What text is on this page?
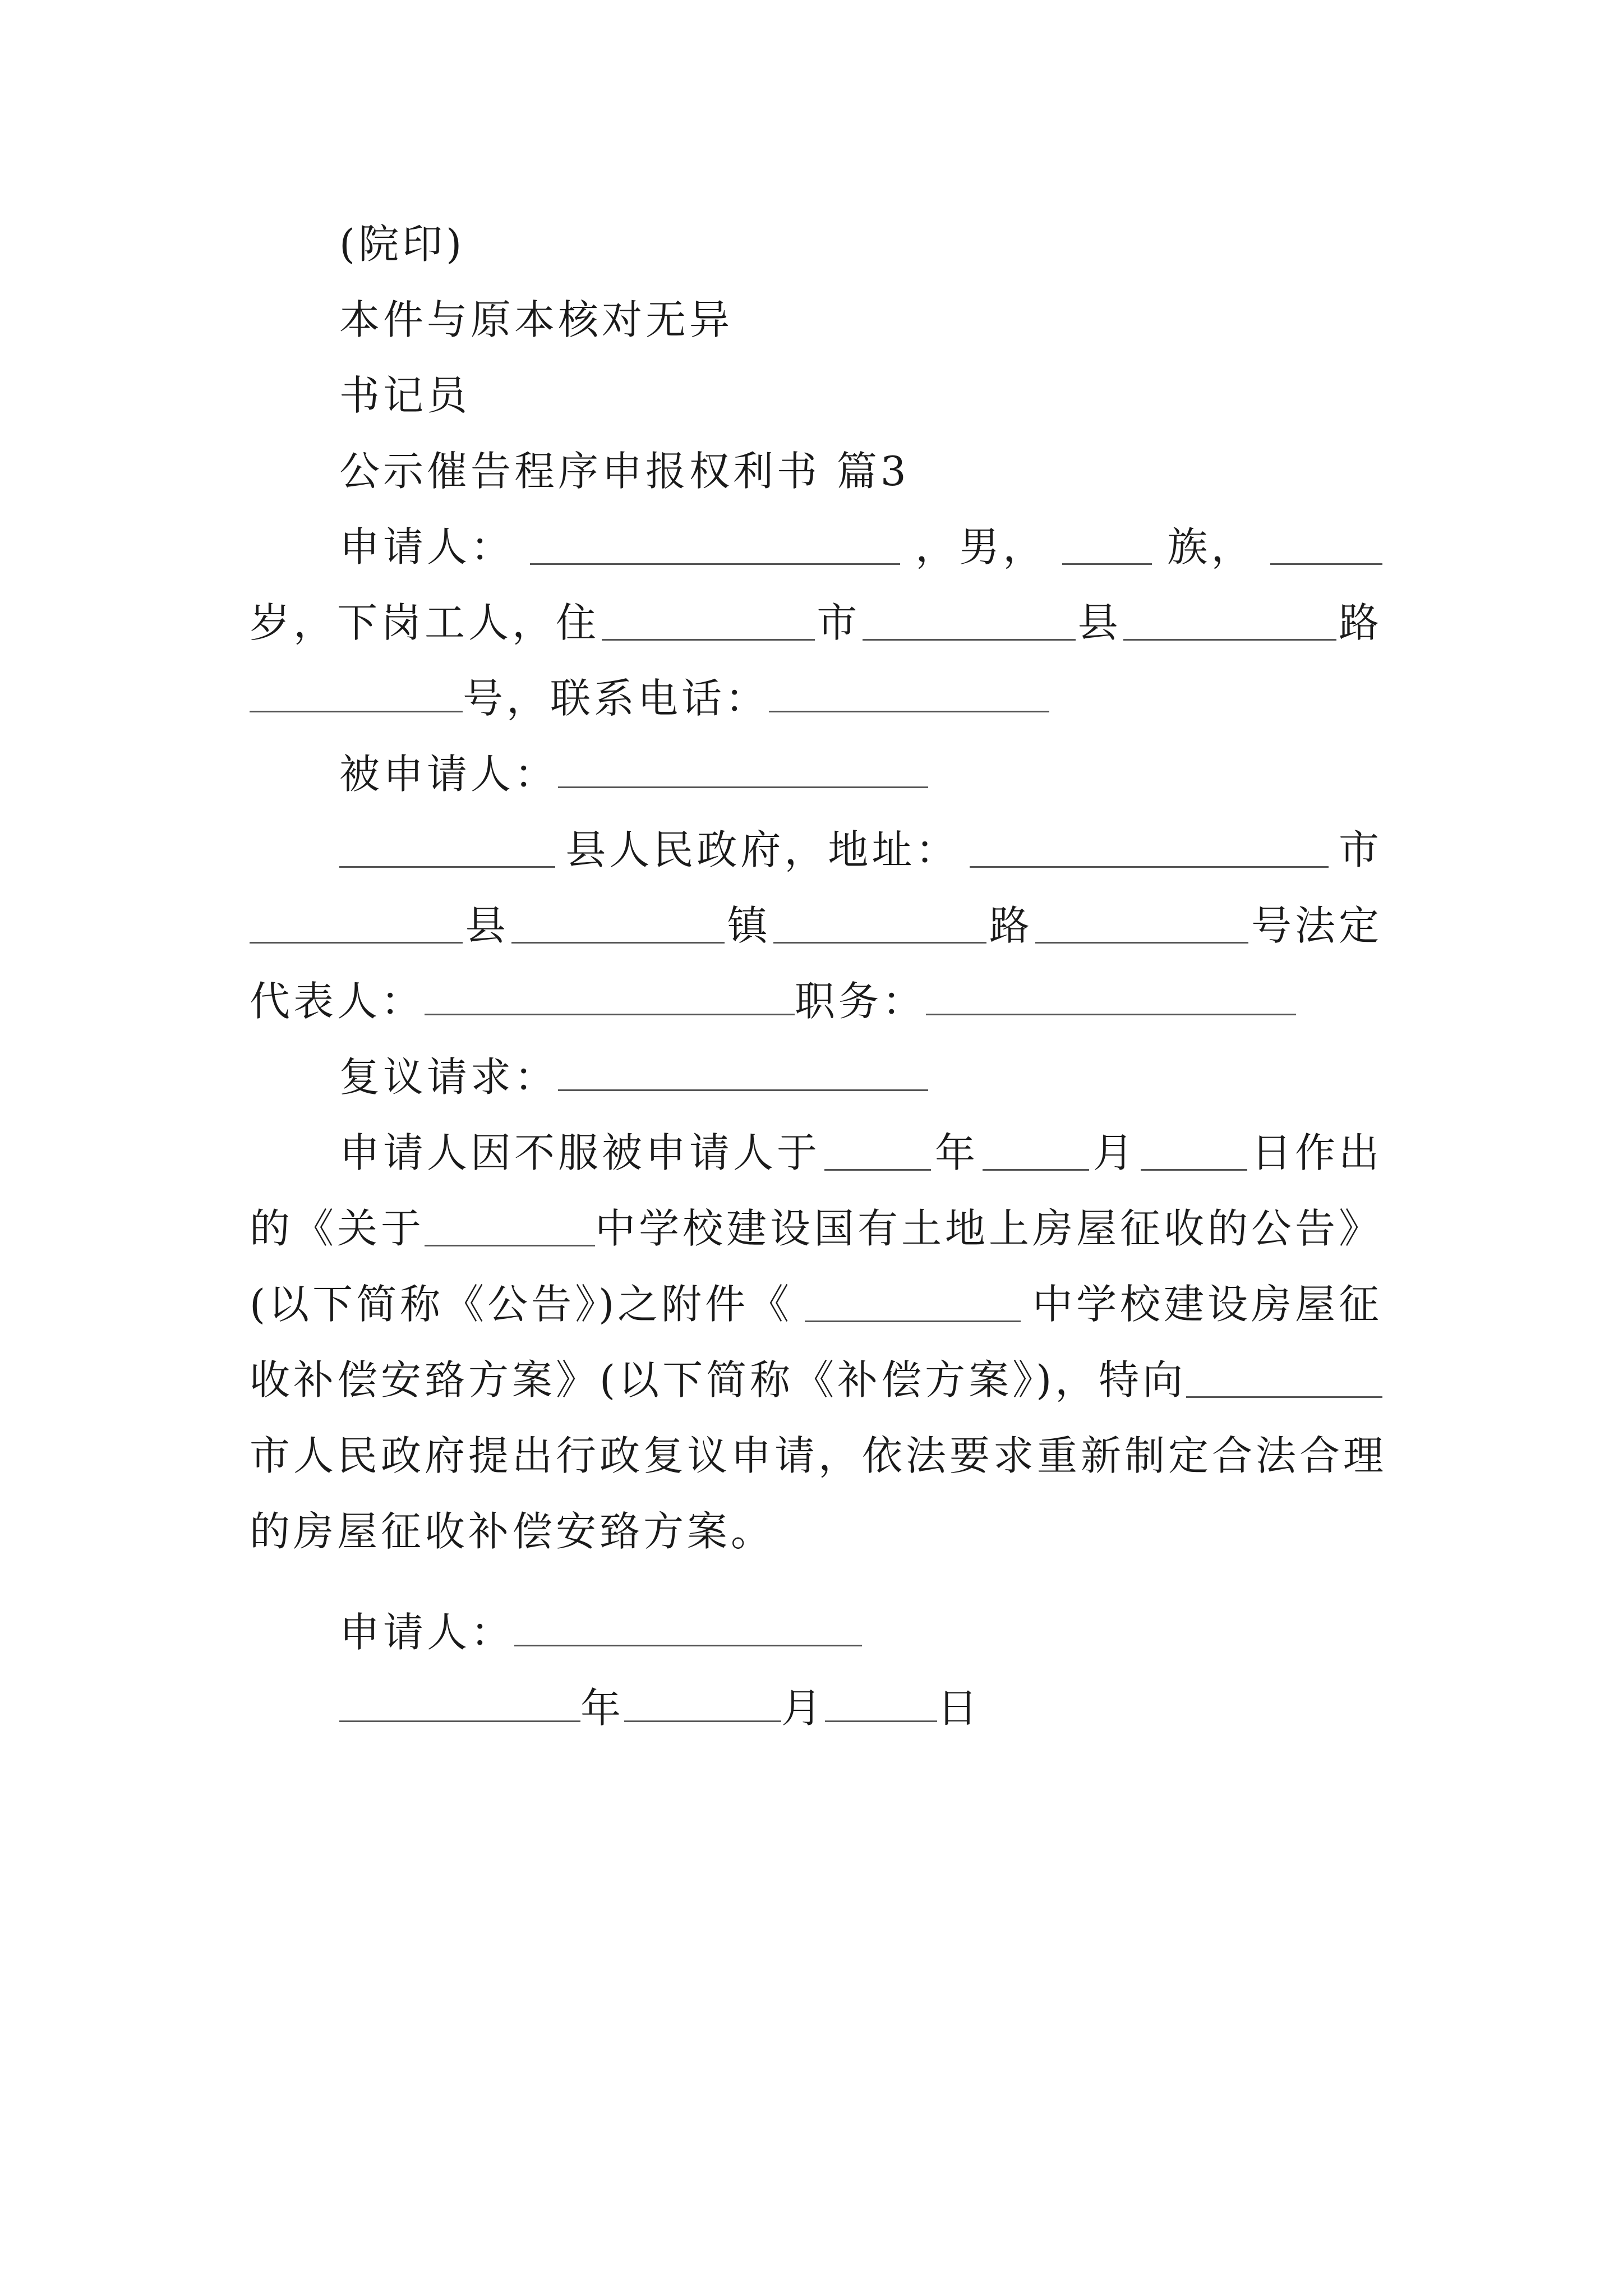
(院印)
本件与原本核对无异
书记员
公示催告程序申报权利书 篇3
申请人：	，男，	族，
岁，下岗工人，住	市	县	路
号，联系电话：
被申请人：
县人民政府，地址：	市
县	镇	路	号法定
代表人：	职务：
复议请求：
申请人因不服被申请人于	年	月	日作出
的《关于	中学校建设国有土地上房屋征收的公告》
(以下简称《公告》)之附件《	中学校建设房屋征
收补偿安臵方案》(以下简称《补偿方案》)，特向
市人民政府提出行政复议申请，依法要求重新制定合法合理
的房屋征收补偿安臵方案。
申请人：
年	月	日
